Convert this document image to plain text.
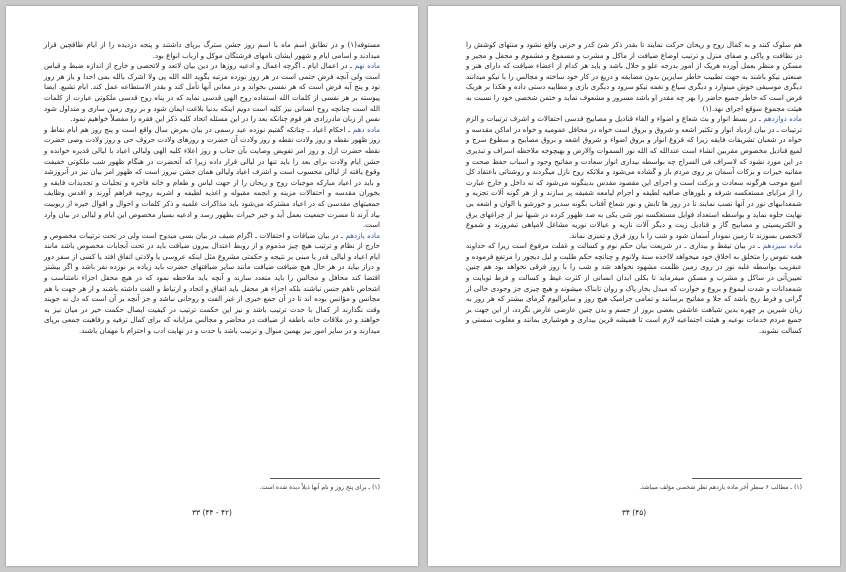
مستوفه(۱) و در تطابق اسم ماه با اسم روز جشن سترگ برپای داشتند و پنجه دزدیده را از ایام طاقچین قرار میدادند و اسامی ایام و شهور ایشان نامهای فرشتگان موکل و ارباب انواع بود.
ماده نهم ـ در اعمال ایام ـ اگرچه اعمال و ادعیه روزها در دین بیان لاتعد و لاتحصی و خارج از اندازه ضبط و قیاس است ولی آنچه فرض حتمی است در هر روز نوزده مرتبه بگوید الله الله پی ولا اشرک بالله بمی احدا و باز هر روز نود و پنج آیه فرض است که هر نفسی بخواند و در معانی آنها تأمل کند و بقدر الاستطاعه عمل کند. ایام تشیع. ایضا پیوسته بر هر نفسی از کلمات الله استفاده روح الهی قدسی نماید که در پناه روح قدسی ملکوتی عبارت از کلمات الله است چنانچه روح انسانی نیز کلیه است دویم اینکه بدنیا بلاغت ایمان شود و بر روی زمین ساری و متداول شود نفس از زبان مادرزادی هر قوم چنانکه بعد را در این مسئله اتحاد کلیه ذکر این فقره را مفصلاً خواهیم نمود.
ماده دهم ـ احکام اعیاد ـ چنانکه گفتیم نوزده عید رسمی در بیان بعرض سال واقع است و پنج روز هم ایام نقاط و روز ظهور نقطه و روز ولادت نقطه و روز ولادت آن حضرت و روزهای ولادت حروف حی و روز ولادت وصی حضرت نقطه حضرت ازل و روز امر تفویض وصایت بآن جناب و روز اعلاء کلیه الهی ولیالی اعیاد با لیالی قدیره خوانده و جشن ایام ولادت برای بعد را باید تنها در لیالی قرار داده زیرا که آنحضرت در هنگام ظهور شب ملکوتی خفیفت وقوع یافته از لیالی محسوب است و اشرف اعیاد ولیالی همان جشن نیروز است که ظهور امر بیان نیز در آنروزشد و باید در اعیاد مبارکه موجبات روح و ریحان را از جهت لباس و طعام و خانه فاخره و تجلیات و تجدیدات فایقه و بخوران مقدسه و احتفالات مزینه و انجمه مقبوله و اغذیه لطیفه و اشربه روحیه فراهم آورند و اقدس وظایف جمعیتهای مقدسی که در اعیاد مشترکه می‌شود باید مذاکرات علمیه و ذکر کلمات و احوال و اقوال خیره از ربوبیت بیاد آرند تا مسرت جمعیت بعمل آید و خیر خیرات بظهور رسد و ادعیه بسیار مخصوص این ایام و لیالی در بیان وارد است.
ماده یازدهم ـ در بیان ضیافات و احتفالات ـ اگرام ضیف در بیان بسی میدوح است ولی در تحت ترتیبات مخصوص و خارج از نظام و ترتیب هیچ چیز مذموم و از روبط اعتدال بیرون ضیافت باید در تحت آبجابات مخصوص باشد مانند ایام اعیاد و لیالی قدر یا مبنی بر نتیجه و حکمتی مشروع مثل اینکه عروسی یا ولادتی اتفاق افتد یا کسی از سفر دور و دراز بیاید در هر حال هیچ ضیافت ضیافت مانند سایر ضیافتهای حضرت باید زیاده بر نوزده نفر باشد و اگر بیشتر اقتضا کند محافل و مجالس را باید متعدد سازند و آنچه باید ملاحظه نمود که در هیچ محفل اجزاء نامتناسب و اشخاص ناهم جنس نباشند بلکه اجزاء هر محفل باید اتفاق و اتحاد و ارتباط و الفت داشته باشند و از هر جهت با هم مجانس و مؤانس بوده اند تا در آن جمع خبری از غیر الفت و روحانی نباشد و جز آنچه بر آن است که دل نه جویند وقت نگذارند از کمال با حدت ترتیب باشد و نیز این حکمت ترتیب در کیفیت ایصال حکمت خیر در میان نیز به خواهند و در ملاقات خانه باطفه از ضیافت در محاضر و مجالس مزایانه که برای کمال ترفیه و رفاهیت جمعی برپای میدارند و در سایر امور نیز بهمین منوال و ترتیب باشد با حدت و در نهایت ادب و احترام با مهمان باشند.
(۱) ـ برای پنج روز و نام آنها ذیلاً دیده شده است.
(۴۲ - ۴۴) ۳۳
هم سلوک کنند و به کمال روح و ریحان حرکت نمایند تا بقدر ذکر شئ کدر و حزنی واقع نشود و منتهای کوشش را در نظافت و پاکی و صفای منزل و ترتیب اوضاع ضیافت از ماکل و مشرب و مسموع و مشموم و محفل و مجیر و مسکن و منظر بعمل آورده هریک از امور بدرجه علو و جلال باشد و باید هر کدام از اعضاء ضیافت که دارای هنر و صنعتی نیکو باشند به جهت تطبیب خاطر سایرین بدون مضایقه و دریغ در کار خود ساخته و مجالس را با نیکو میدانند دیگری موسیقی خوش مینوازد و دیگری سیاع و نغمه نیکو سرود و دیگری بازی و مطایبه دستی داده و هکذا بر هریک فرض است که خاطر جمیع حاضر را بهر چه مقدر او باشد مسرور و مشعوف نماید و ختمن شخصی خود را نسبت به هیئت مجموع سوقع اجرای نهد.(۱)
ماده دوازدهم ـ در بسط انوار و بث شعاع و اضواء و القاء قنادیل و مصابیح قدسی احتفالات و اشرف ترتیبات و الزم ترتیبات ـ در بیان ازدیاد انوار و تکثیر اشعه و شروق و بروق است خواه در محافل عمومیه و خواه در اماکن مقدسه و خواه در شعبان تشریفات فایقه زیرا که فروغ انوار و بروق اضواء و شروق اشعه و بروق مصابیح و سطوع سرج و لمیع قنادیل مخصوص مقربین انشاء است عندالله که الله نور السموات والارض و بهیچوجه ملاحظه اسراف و تبذیری در این مورد نشود که لاسراف فی السراج چه بواسطه بیداری انوار سعادت و مفاتیح وجود و اسباب حفظ صحت و مفاتیه خیرات و برکات آسمان بر روی مردم باز و گشاده می‌شود و ملائکه روح نازل میگردند و روشنائی باعتقاد کل امیع موجب هرگونه سعادت و برکت است و اجرای این مقصود مقدس بدینگونه می‌شود که ته داخل و خارج عبارت را از مرایای مستعکسه شرفه و بلورهای صافیه لطیفه و اجرام لیامعه شفیفه پر سازند و از هر گونه آلات تجزیه و شمعدانیهای نور در آنها نصب نمایند تا در روز ها تابش و نور شعاع آفتاب بگونه سدیر و خورشو یا الوان و اشعه بی نهایت جلوه نماید و بواسطه استعداد فوایل مستعکسه نور شی یکی به صد ظهور کرده در شبها نیز از چراغهای برق و الکتریسیتی و مصابیح گاز و قنادیل زیت و دیگر آلات ناریه و عیالات نوریه مشاغل لامپاهی تبفروزند و شموع لاتحصی بسوزند تا زمین نمودار آسمان شود و شب را با روز فرق و تمیزی نماند.
ماده سیزدهم ـ در بیان تیقظ و بیداری ـ در شریعت بیان حکم نوم و کسالت و غفلت مرفوع است زیرا که خداوند همه نفوس را متخلق به اخلاق خود میخواهد لااخذه سنة ولانوم و چنانچه حکم طلبت و لیل دیجور را مرتفع فرموده و عنقریب بواسطه غلبه نور در روی زمین ظلمت مشهود نخواهد شد و شب را با روز فرقی نخواهد بود هم چنین تعیین‌آتی در ساکل و مشرب و مسکن میفرماید تا بکلی ابدان انسانی از کثرت غیظ و کسالت و فرط ثوبایت و شمعدانات و شدت لیموع و بروع و خوارت که مبدل بخار پاک و روان تابناک میشوند و هیچ چیزی جز وجودی خالی از گرانی و فرط ربخ باشد که جلا و مفاتیح برسانند و تمامی جرامیک هیچ روز و سایرالیوم گرمای بیشتر که هر روز به زبان شیرین بر چهره بدین شباهت عاشقی بعضی بروز از جسم و بدن چنین عارضی عارض نگردد، از این جهت بر جمیع مردم خدمات نوعیه و هیئت اجتماعیه لازم است تا همیشه قرین بیداری و هوشیاری بمانند و مغلوب سستی و کسالت نشوند.
(۱) ـ مطالب ۶ سطر آخر ماده یازدهم نظر شخصی مؤلف میباشد.
(۴۵) ۳۴
